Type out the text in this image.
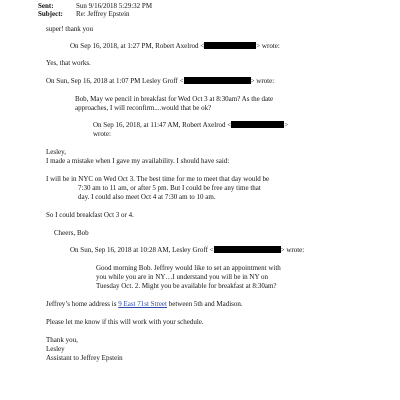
Sent:	Sun 9/16/2018 5:29:32 PM
Subject: Re: Jeffrey Epstein
super! thank you
On Sep 16, 2018, at 1:27 PM, Robert Axelrod <	> wrote:
Yes, that works.
On Sun, Sep 16, 2018 at 1:07 PM Lesley Groff <	> wrote:
Bob, May we pencil in breakfast for Wed Oct 3 at 8:30am? As the date
approaches, I will reconfirm....would that be ok?
On Sep 16, 2018, at 11:47 AM, Robert Axelrod <	>
wrote:
Lesley,
I made a mistake when I gave my availability. I should have said:
I will be in NYC on Wed Oct 3. The best time for me to meet that day would be
7:30 am to 11 am, or after 5 pm. But I could be free any time that
day. I could also meet Oct 4 at 7:30 am to 10 am.
So I could breakfast Oct 3 or 4.
Cheers, Bob
On Sun, Sep 16, 2018 at 10:28 AM, Lesley Groff <	> wrote:
Good morning Bob. Jeffrey would like to set an appointment with
you while you are in NY…I understand you will be in NY on
Tuesday Oct. 2. Might you be available for breakfast at 8:30am?
Jeffrey’s home address is 9 East 71st Street between 5th and Madison.
Please let me know if this will work with your schedule.
Thank you,
Lesley
Assistant to Jeffrey Epstein
